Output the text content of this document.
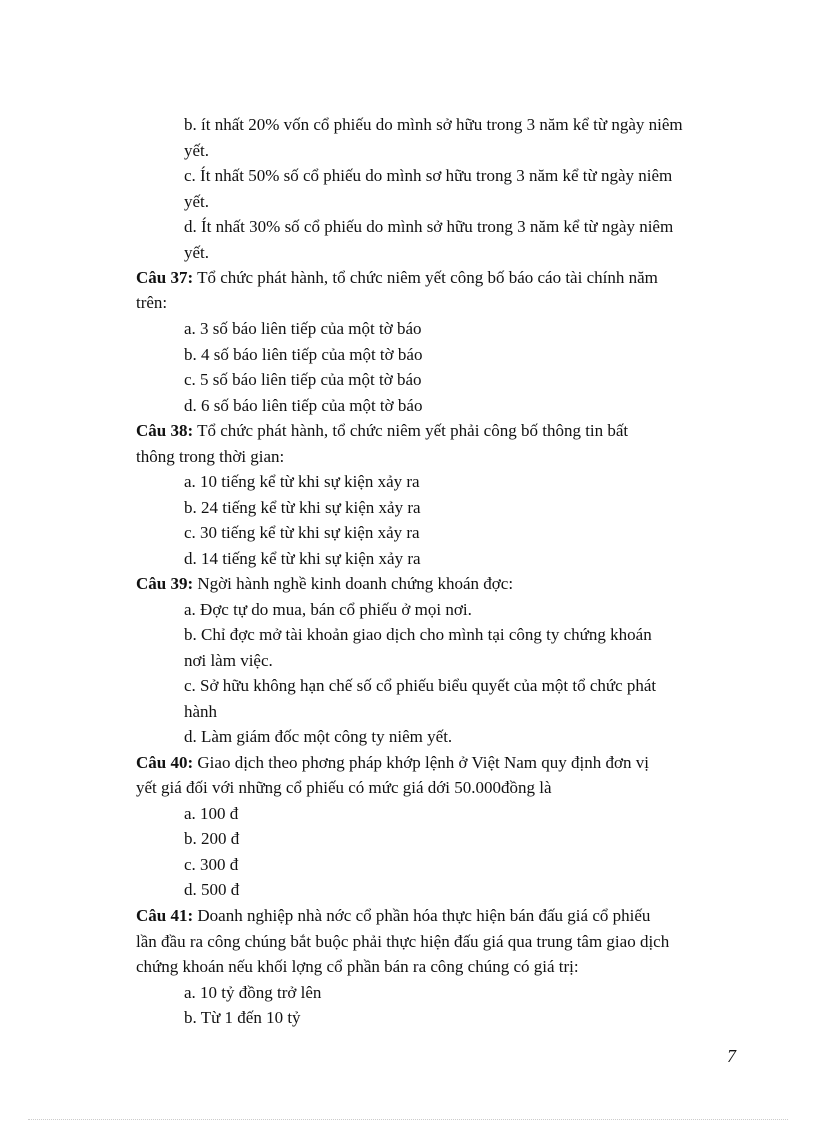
b. ít nhất 20% vốn cổ phiếu do mình sở hữu trong 3 năm kể từ ngày niêm
yết.
c. Ít nhất 50% số cổ phiếu do mình sơ hữu trong 3 năm kể từ ngày niêm
yết.
d. Ít nhất 30% số cổ phiếu do mình sở hữu trong 3 năm kể từ ngày niêm
yết.
Câu 37: Tổ chức phát hành, tổ chức niêm yết công bố báo cáo tài chính năm
trên:
a. 3 số báo liên tiếp của một tờ báo
b. 4 số báo liên tiếp của một tờ báo
c. 5 số báo liên tiếp của một tờ báo
d. 6 số báo liên tiếp của một tờ báo
Câu 38: Tổ chức phát hành, tổ chức niêm yết phải công bố thông tin bất
thông trong thời gian:
a. 10 tiếng kể từ khi sự kiện xảy ra
b. 24 tiếng kể từ khi sự kiện xảy ra
c. 30 tiếng kể từ khi sự kiện xảy ra
d. 14 tiếng kể từ khi sự kiện xảy ra
Câu 39: Ngời hành nghề kinh doanh chứng khoán đợc:
a. Đợc tự do mua, bán cổ phiếu ở mọi nơi.
b. Chỉ đợc mở tài khoản giao dịch cho mình tại công ty chứng khoán
nơi làm việc.
c. Sở hữu không hạn chế số cổ phiếu biểu quyết của một tổ chức phát
hành
d. Làm giám đốc một công ty niêm yết.
Câu 40: Giao dịch theo phơng pháp khớp lệnh ở Việt Nam quy định đơn vị
yết giá đối với những cổ phiếu có mức giá dới 50.000đồng là
a. 100 đ
b. 200 đ
c. 300 đ
d. 500 đ
Câu 41: Doanh nghiệp nhà nớc cổ phần hóa thực hiện bán đấu giá cổ phiếu
lần đầu ra công chúng bắt buộc phải thực hiện đấu giá qua trung tâm giao dịch
chứng khoán nếu khối lợng cổ phần bán ra công chúng có giá trị:
a. 10 tỷ đồng trở lên
b. Từ 1 đến 10 tỷ
7
